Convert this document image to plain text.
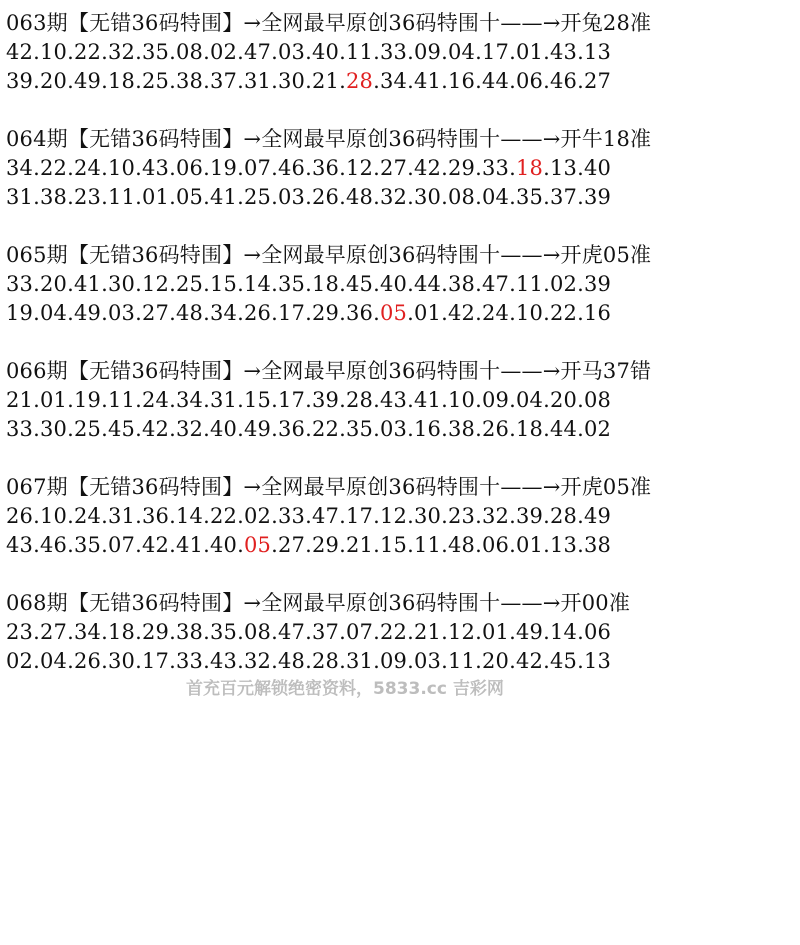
063期【无错36码特围】→全网最早原创36码特围十——→开兔28准
42.10.22.32.35.08.02.47.03.40.11.33.09.04.17.01.43.13
39.20.49.18.25.38.37.31.30.21.28.34.41.16.44.06.46.27
064期【无错36码特围】→全网最早原创36码特围十——→开牛18准
34.22.24.10.43.06.19.07.46.36.12.27.42.29.33.18.13.40
31.38.23.11.01.05.41.25.03.26.48.32.30.08.04.35.37.39
065期【无错36码特围】→全网最早原创36码特围十——→开虎05准
33.20.41.30.12.25.15.14.35.18.45.40.44.38.47.11.02.39
19.04.49.03.27.48.34.26.17.29.36.05.01.42.24.10.22.16
066期【无错36码特围】→全网最早原创36码特围十——→开马37错
21.01.19.11.24.34.31.15.17.39.28.43.41.10.09.04.20.08
33.30.25.45.42.32.40.49.36.22.35.03.16.38.26.18.44.02
067期【无错36码特围】→全网最早原创36码特围十——→开虎05准
26.10.24.31.36.14.22.02.33.47.17.12.30.23.32.39.28.49
43.46.35.07.42.41.40.05.27.29.21.15.11.48.06.01.13.38
068期【无错36码特围】→全网最早原创36码特围十——→开00准
23.27.34.18.29.38.35.08.47.37.07.22.21.12.01.49.14.06
02.04.26.30.17.33.43.32.48.28.31.09.03.11.20.42.45.13
首充百元解锁绝密资料，5833.cc 吉彩网
